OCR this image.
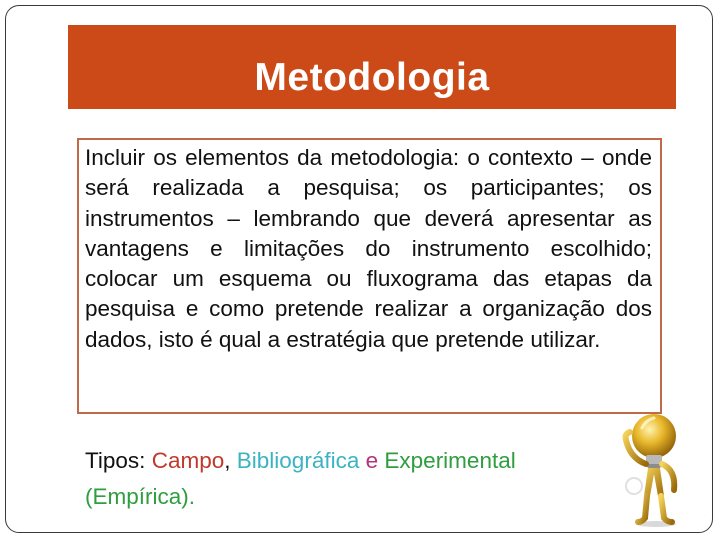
Metodologia
Incluir os elementos da metodologia: o contexto – onde será realizada a pesquisa; os participantes; os instrumentos – lembrando que deverá apresentar as vantagens e limitações do instrumento escolhido; colocar um esquema ou fluxograma das etapas da pesquisa e como pretende realizar a organização dos dados, isto é qual a estratégia que pretende utilizar.
Tipos: Campo, Bibliográfica e Experimental
(Empírica).
